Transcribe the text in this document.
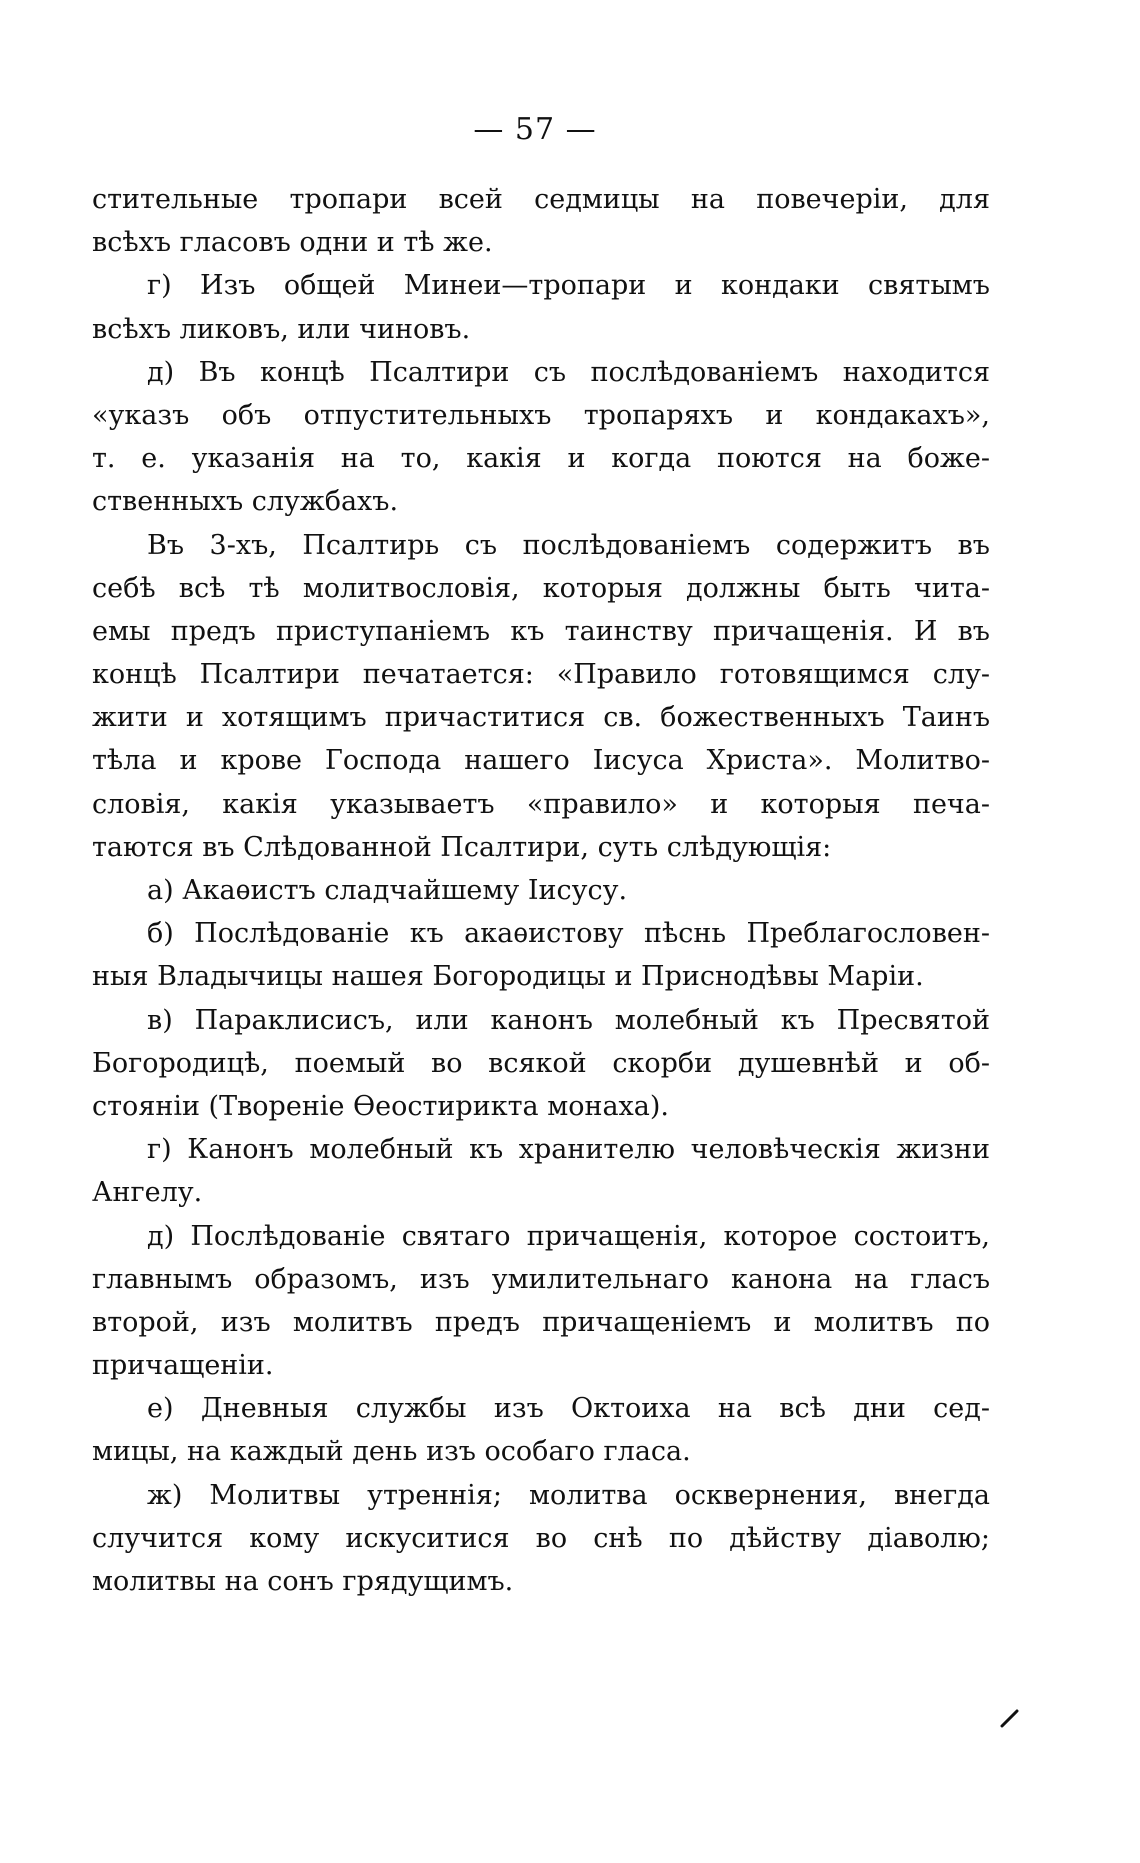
— 57 —
стительные тропари всей седмицы на повечеріи, для
всѣхъ гласовъ одни и тѣ же.
г) Изъ общей Минеи—тропари и кондаки святымъ
всѣхъ ликовъ, или чиновъ.
д) Въ концѣ Псалтири съ послѣдованіемъ находится
«указъ объ отпустительныхъ тропаряхъ и кондакахъ»,
т. е. указанія на то, какія и когда поются на боже-
ственныхъ службахъ.
Въ 3-хъ, Псалтирь съ послѣдованіемъ содержитъ въ
себѣ всѣ тѣ молитвословія, которыя должны быть чита-
емы предъ приступаніемъ къ таинству причащенія. И въ
концѣ Псалтири печатается: «Правило готовящимся слу-
жити и хотящимъ причаститися св. божественныхъ Таинъ
тѣла и крове Господа нашего Іисуса Христа». Молитво-
словія, какія указываетъ «правило» и которыя печа-
таются въ Слѣдованной Псалтири, суть слѣдующія:
а) Акаѳистъ сладчайшему Іисусу.
б) Послѣдованіе къ акаѳистову пѣснь Преблагословен-
ныя Владычицы нашея Богородицы и Приснодѣвы Маріи.
в) Параклисисъ, или канонъ молебный къ Пресвятой
Богородицѣ, поемый во всякой скорби душевнѣй и об-
стояніи (Твореніе Ѳеостирикта монаха).
г) Канонъ молебный къ хранителю человѣческія жизни
Ангелу.
д) Послѣдованіе святаго причащенія, которое состоитъ,
главнымъ образомъ, изъ умилительнаго канона на гласъ
второй, изъ молитвъ предъ причащеніемъ и молитвъ по
причащеніи.
е) Дневныя службы изъ Октоиха на всѣ дни сед-
мицы, на каждый день изъ особаго гласа.
ж) Молитвы утреннія; молитва осквернения, внегда
случится кому искуситися во снѣ по дѣйству діаволю;
молитвы на сонъ грядущимъ.
